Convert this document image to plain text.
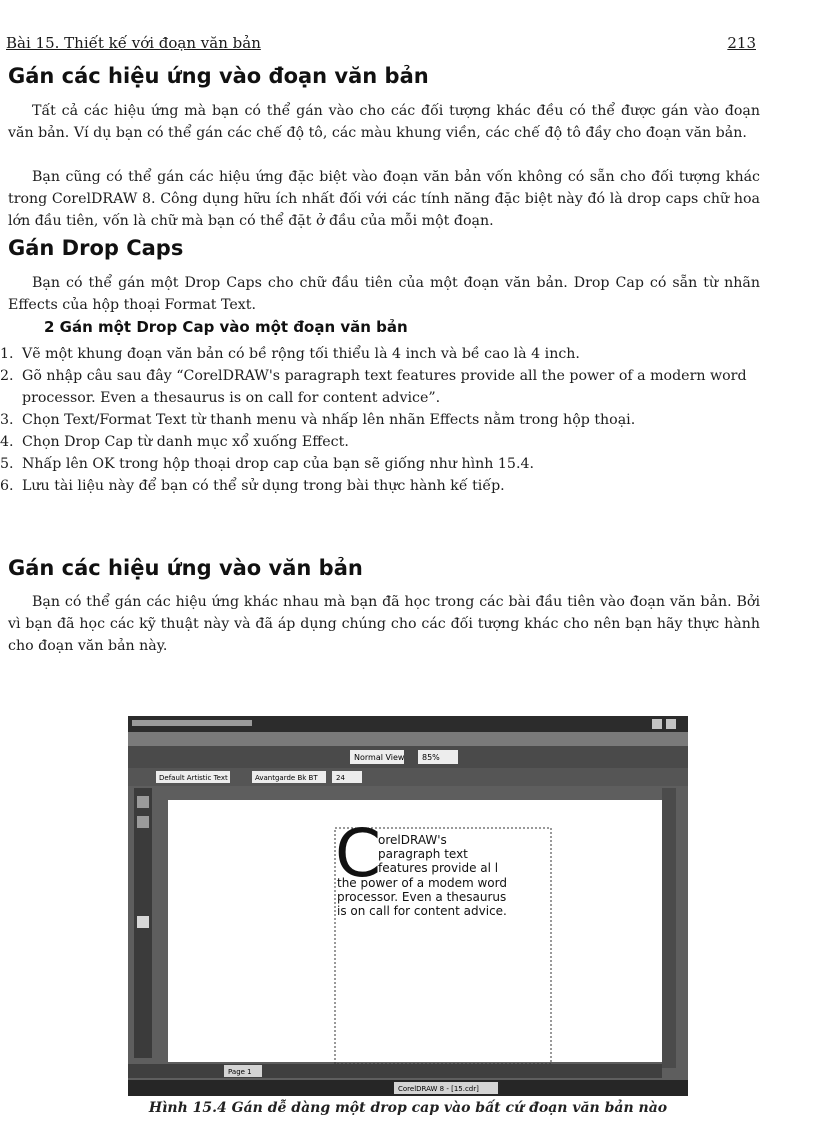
Bài 15. Thiết kế với đoạn văn bản	213
Gán các hiệu ứng vào đoạn văn bản

Tất cả các hiệu ứng mà bạn có thể gán vào cho các đối tượng khác đều có thể được gán vào đoạn văn bản. Ví dụ bạn có thể gán các chế độ tô, các màu khung viền, các chế độ tô đầy cho đoạn văn bản.

Bạn cũng có thể gán các hiệu ứng đặc biệt vào đoạn văn bản vốn không có sẵn cho đối tượng khác trong CorelDRAW 8. Công dụng hữu ích nhất đối với các tính năng đặc biệt này đó là drop caps chữ hoa lớn đầu tiên, vốn là chữ mà bạn có thể đặt ở đầu của mỗi một đoạn.

Gán Drop Caps

Bạn có thể gán một Drop Caps cho chữ đầu tiên của một đoạn văn bản. Drop Cap có sẵn từ nhãn Effects của hộp thoại Format Text.

2 Gán một Drop Cap vào một đoạn văn bản

1. Vẽ một khung đoạn văn bản có bề rộng tối thiểu là 4 inch và bề cao là 4 inch.
2. Gõ nhập câu sau đây “CorelDRAW's paragraph text features provide all the power of a modern word processor. Even a thesaurus is on call for content advice”.
3. Chọn Text/Format Text từ thanh menu và nhấp lên nhãn Effects nằm trong hộp thoại.
4. Chọn Drop Cap từ danh mục xổ xuống Effect.
5. Nhấp lên OK trong hộp thoại drop cap của bạn sẽ giống như hình 15.4.
6. Lưu tài liệu này để bạn có thể sử dụng trong bài thực hành kế tiếp.
Gán các hiệu ứng vào văn bản

Bạn có thể gán các hiệu ứng khác nhau mà bạn đã học trong các bài đầu tiên vào đoạn văn bản. Bởi vì bạn đã học các kỹ thuật này và đã áp dụng chúng cho các đối tượng khác cho nên bạn hãy thực hành cho đoạn văn bản này.

Normal View 85%
Default Artistic Text	Avantgarde Bk BT	24
C
orelDRAW's
paragraph text
features provide al l
the power of a modem word
processor. Even a thesaurus
is on call for content advice.
Page 1
CorelDRAW 8 - [15.cdr]
Hình 15.4 Gán dễ dàng một drop cap vào bất cứ đoạn văn bản nào
